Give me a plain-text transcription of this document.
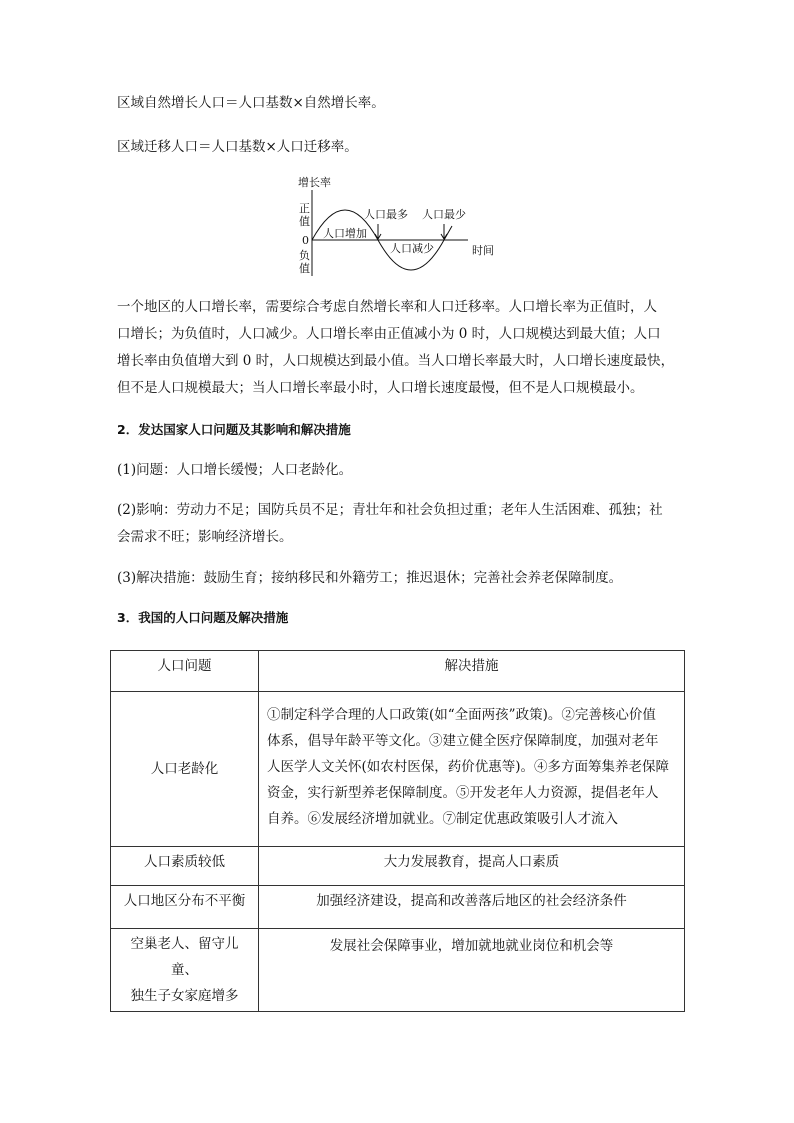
区域自然增长人口＝人口基数×自然增长率。
区域迁移人口＝人口基数×人口迁移率。
增长率
正
值
0
负
值
时间
人口最多 人口最少
人口增加
人口减少
一个地区的人口增长率，需要综合考虑自然增长率和人口迁移率。人口增长率为正值时，人
口增长；为负值时，人口减少。人口增长率由正值减小为 0 时，人口规模达到最大值；人口
增长率由负值增大到 0 时，人口规模达到最小值。当人口增长率最大时，人口增长速度最快，
但不是人口规模最大；当人口增长率最小时，人口增长速度最慢，但不是人口规模最小。
2．发达国家人口问题及其影响和解决措施
(1)问题：人口增长缓慢；人口老龄化。
(2)影响：劳动力不足；国防兵员不足；青壮年和社会负担过重；老年人生活困难、孤独；社
会需求不旺；影响经济增长。
(3)解决措施：鼓励生育；接纳移民和外籍劳工；推迟退休；完善社会养老保障制度。
3．我国的人口问题及解决措施
人口问题	解决措施
人口老龄化	①制定科学合理的人口政策(如“全面两孩”政策)。②完善核心价值
体系，倡导年龄平等文化。③建立健全医疗保障制度，加强对老年
人医学人文关怀(如农村医保，药价优惠等)。④多方面筹集养老保障
资金，实行新型养老保障制度。⑤开发老年人力资源，提倡老年人
自养。⑥发展经济增加就业。⑦制定优惠政策吸引人才流入

人口素质较低	大力发展教育，提高人口素质
人口地区分布不平衡	加强经济建设，提高和改善落后地区的社会经济条件

空巢老人、留守儿童、
独生子女家庭增多	发展社会保障事业，增加就地就业岗位和机会等
